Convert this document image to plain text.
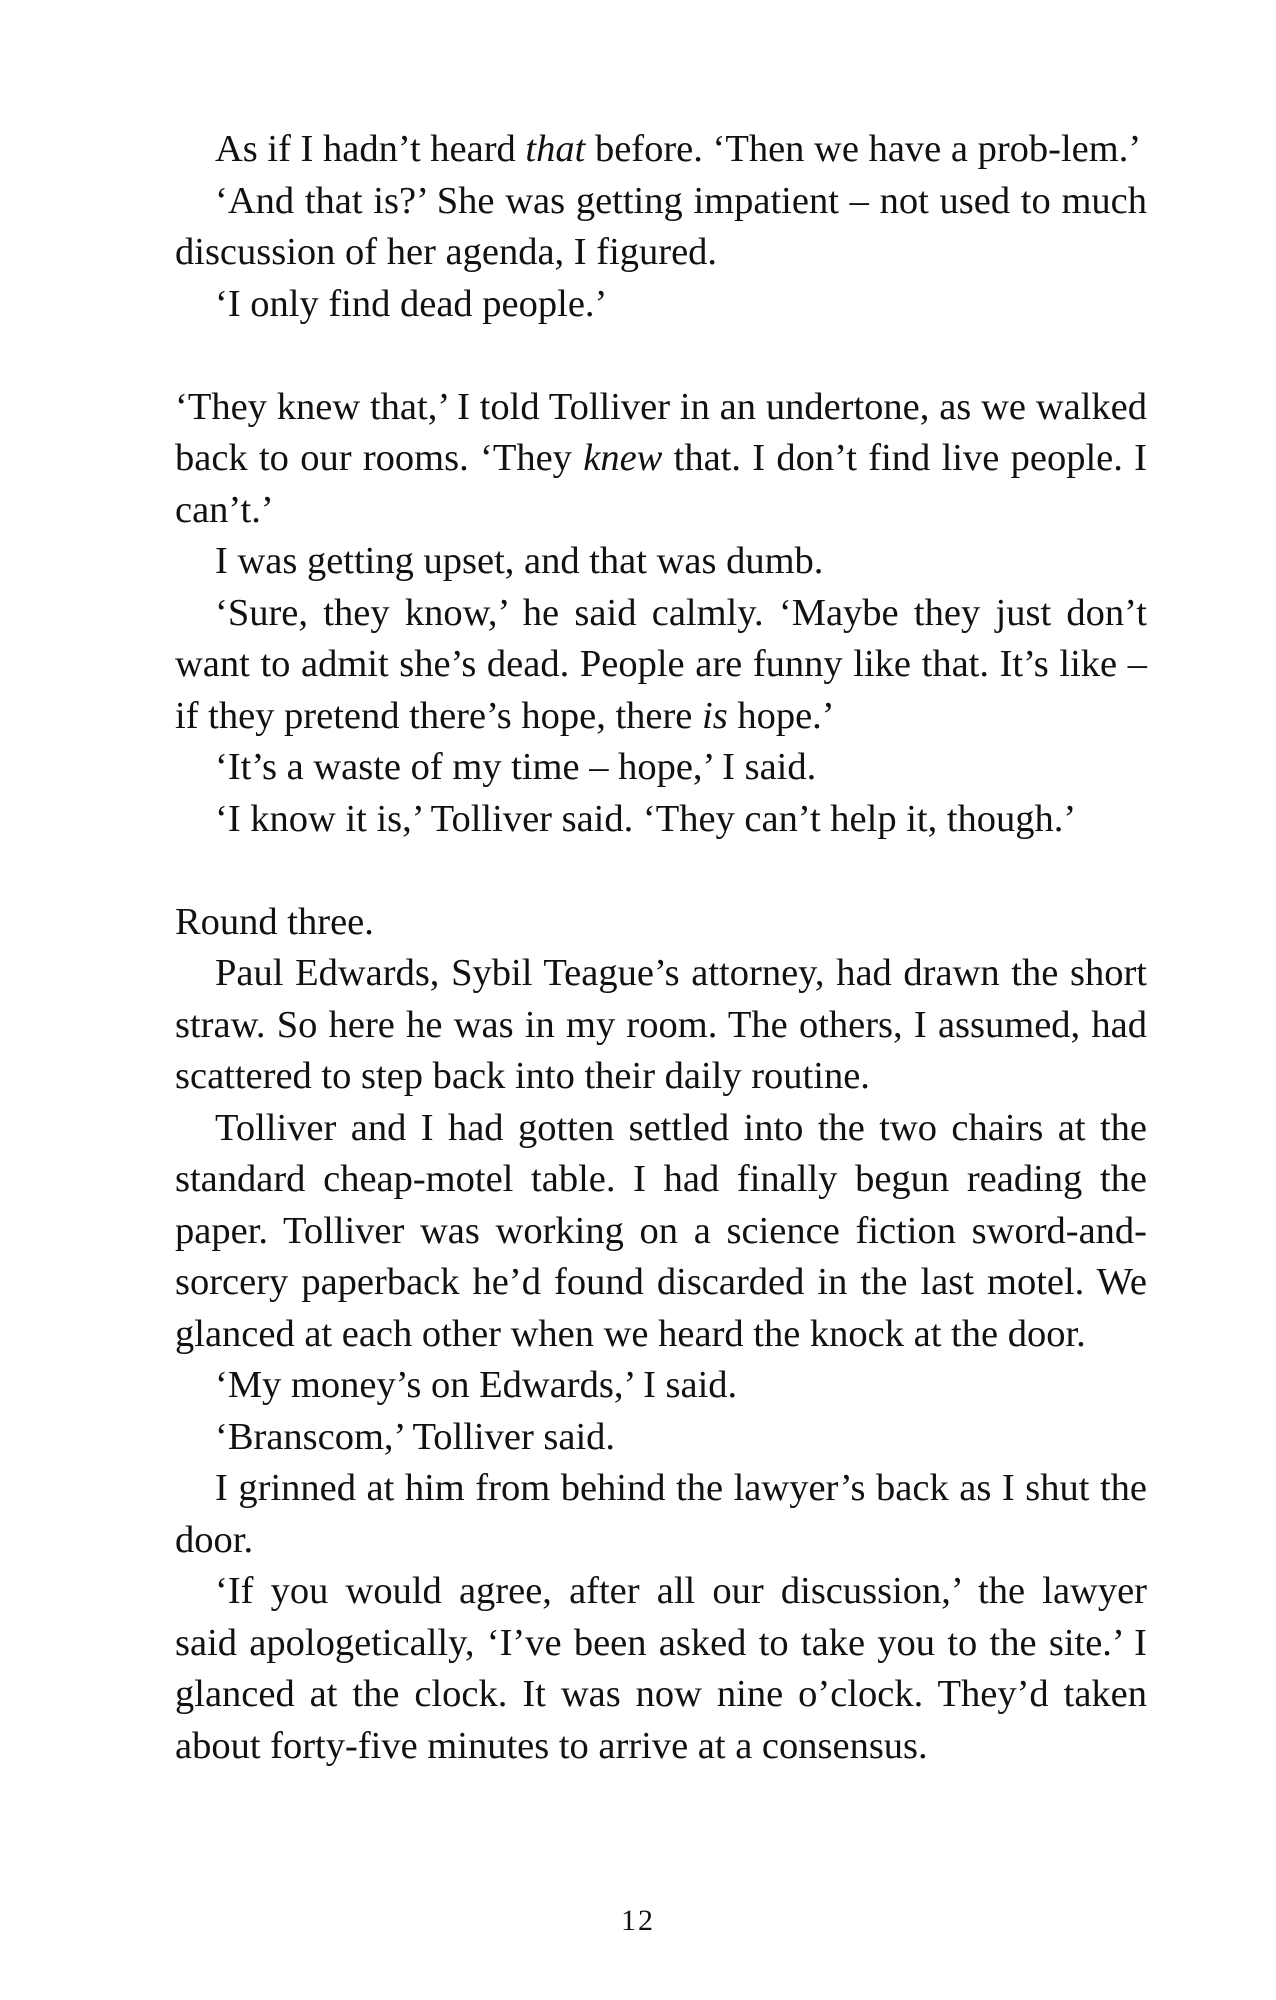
As if I hadn’t heard that before. ‘Then we have a prob-lem.’

‘And that is?’ She was getting impatient – not used to much discussion of her agenda, I figured.

‘I only find dead people.’

‘They knew that,’ I told Tolliver in an undertone, as we walked back to our rooms. ‘They knew that. I don’t find live people. I can’t.’

I was getting upset, and that was dumb.

‘Sure, they know,’ he said calmly. ‘Maybe they just don’t want to admit she’s dead. People are funny like that. It’s like – if they pretend there’s hope, there is hope.’

‘It’s a waste of my time – hope,’ I said.

‘I know it is,’ Tolliver said. ‘They can’t help it, though.’

Round three.

Paul Edwards, Sybil Teague’s attorney, had drawn the short straw. So here he was in my room. The others, I assumed, had scattered to step back into their daily routine.

Tolliver and I had gotten settled into the two chairs at the standard cheap-motel table. I had finally begun reading the paper. Tolliver was working on a science fiction sword-and-sorcery paperback he’d found discarded in the last motel. We glanced at each other when we heard the knock at the door.

‘My money’s on Edwards,’ I said.

‘Branscom,’ Tolliver said.

I grinned at him from behind the lawyer’s back as I shut the door.

‘If you would agree, after all our discussion,’ the lawyer said apologetically, ‘I’ve been asked to take you to the site.’ I glanced at the clock. It was now nine o’clock. They’d taken about forty-five minutes to arrive at a consensus.

12
